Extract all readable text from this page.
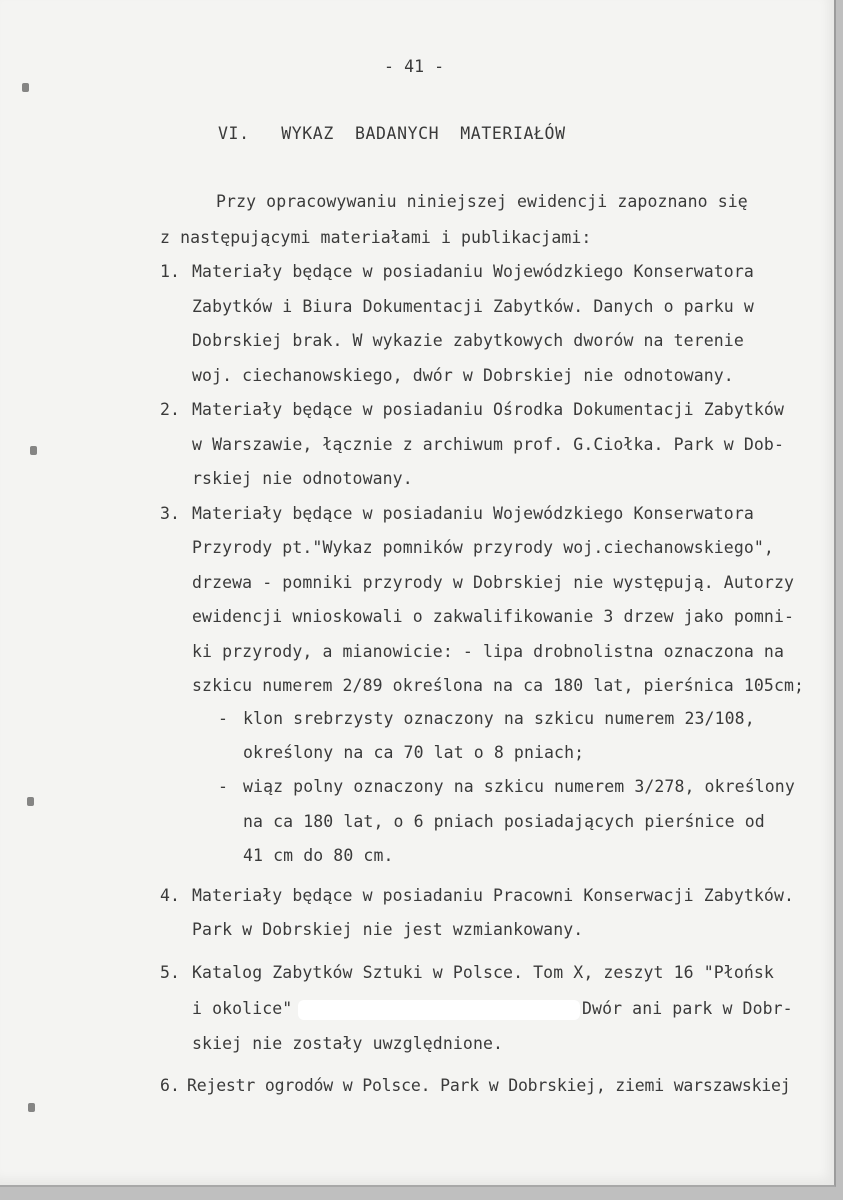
- 41 -
VI.   WYKAZ  BADANYCH  MATERIAŁÓW
Przy opracowywaniu niniejszej ewidencji zapoznano się
z następującymi materiałami i publikacjami:
1. Materiały będące w posiadaniu Wojewódzkiego Konserwatora
Zabytków i Biura Dokumentacji Zabytków. Danych o parku w
Dobrskiej brak. W wykazie zabytkowych dworów na terenie
woj. ciechanowskiego, dwór w Dobrskiej nie odnotowany.
2. Materiały będące w posiadaniu Ośrodka Dokumentacji Zabytków
w Warszawie, łącznie z archiwum prof. G.Ciołka. Park w Dob-
rskiej nie odnotowany.
3. Materiały będące w posiadaniu Wojewódzkiego Konserwatora
Przyrody pt."Wykaz pomników przyrody woj.ciechanowskiego",
drzewa - pomniki przyrody w Dobrskiej nie występują. Autorzy
ewidencji wnioskowali o zakwalifikowanie 3 drzew jako pomni-
ki przyrody, a mianowicie: - lipa drobnolistna oznaczona na
szkicu numerem 2/89 określona na ca 180 lat, pierśnica 105cm;
- klon srebrzysty oznaczony na szkicu numerem 23/108,
określony na ca 70 lat o 8 pniach;
- wiąz polny oznaczony na szkicu numerem 3/278, określony
na ca 180 lat, o 6 pniach posiadających pierśnice od
41 cm do 80 cm.
4. Materiały będące w posiadaniu Pracowni Konserwacji Zabytków.
Park w Dobrskiej nie jest wzmiankowany.
5. Katalog Zabytków Sztuki w Polsce. Tom X, zeszyt 16 "Płońsk
i okolice"	Dwór ani park w Dobr-
skiej nie zostały uwzględnione.
6. Rejestr ogrodów w Polsce. Park w Dobrskiej, ziemi warszawskiej
